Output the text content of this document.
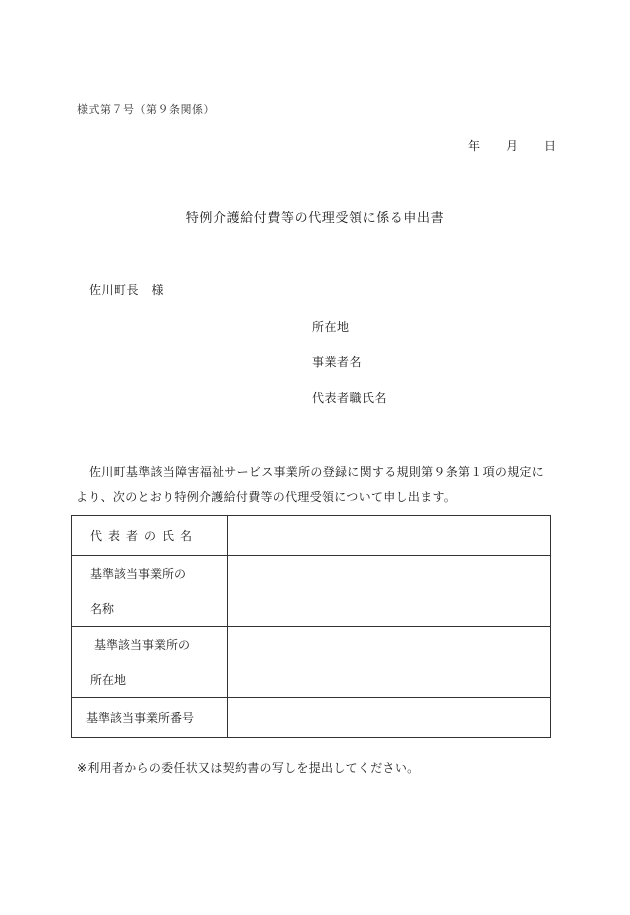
様式第７号（第９条関係）
年 月 日
特例介護給付費等の代理受領に係る申出書
佐川町長　様
所在地
事業者名
代表者職氏名
佐川町基準該当障害福祉サービス事業所の登録に関する規則第９条第１項の規定に
より、次のとおり特例介護給付費等の代理受領について申し出ます。
代表者の氏名	

基準該当事業所の
名称	

基準該当事業所の
所在地	

基準該当事業所番号	
※利用者からの委任状又は契約書の写しを提出してください。
